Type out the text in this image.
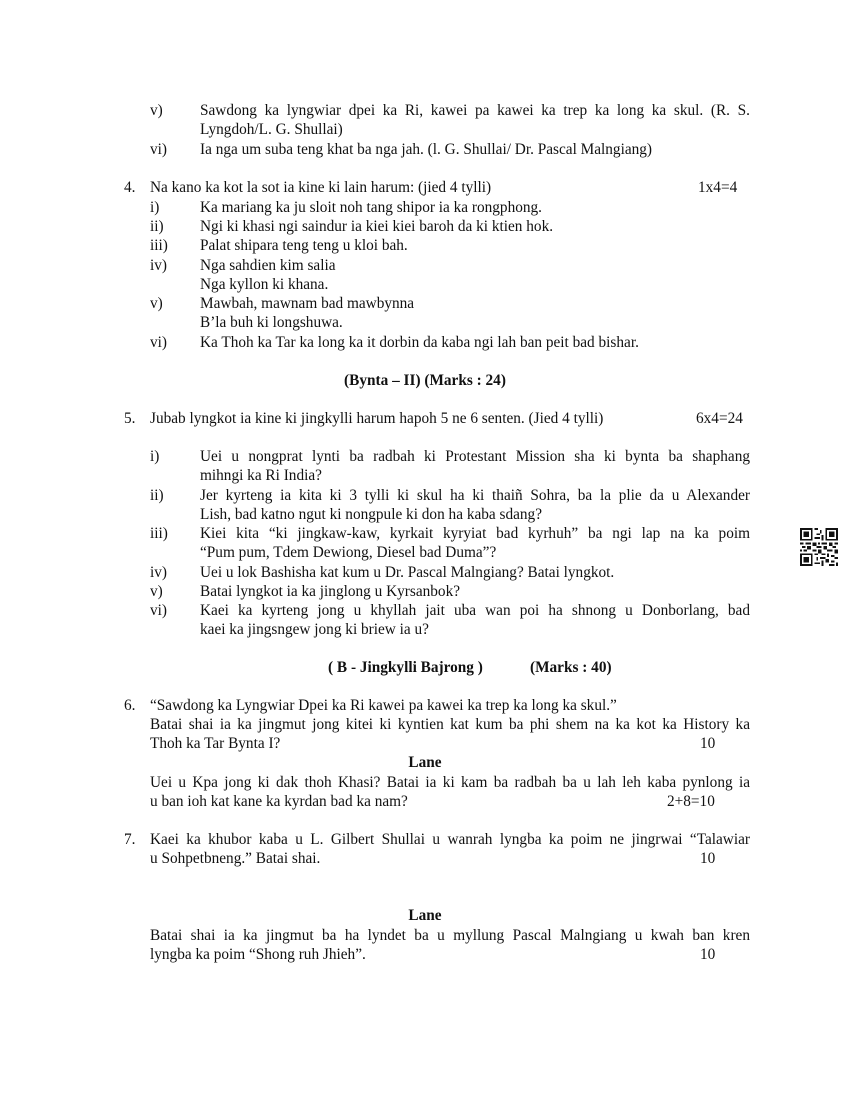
v) Sawdong ka lyngwiar dpei ka Ri, kawei pa kawei ka trep ka long ka skul. (R. S.
Lyngdoh/L. G. Shullai)
vi) Ia nga um suba teng khat ba nga jah. (l. G. Shullai/ Dr. Pascal Malngiang)
4. Na kano ka kot la sot ia kine ki lain harum: (jied 4 tylli)	1x4=4
i)	Ka mariang ka ju sloit noh tang shipor ia ka rongphong.
ii) Ngi ki khasi ngi saindur ia kiei kiei baroh da ki ktien hok.
iii) Palat shipara teng teng u kloi bah.
iv) Nga sahdien kim salia
Nga kyllon ki khana.
v) Mawbah, mawnam bad mawbynna
B’la buh ki longshuwa.
vi) Ka Thoh ka Tar ka long ka it dorbin da kaba ngi lah ban peit bad bishar.
(Bynta – II) (Marks : 24)
5. Jubab lyngkot ia kine ki jingkylli harum hapoh 5 ne 6 senten. (Jied 4 tylli)	6x4=24
i)	Uei u nongprat lynti ba radbah ki Protestant Mission sha ki bynta ba shaphang
mihngi ka Ri India?
ii) Jer kyrteng ia kita ki 3 tylli ki skul ha ki thaiñ Sohra, ba la plie da u Alexander
Lish, bad katno ngut ki nongpule ki don ha kaba sdang?
iii) Kiei kita “ki jingkaw-kaw, kyrkait kyryiat bad kyrhuh” ba ngi lap na ka poim
“Pum pum, Tdem Dewiong, Diesel bad Duma”?
iv) Uei u lok Bashisha kat kum u Dr. Pascal Malngiang? Batai lyngkot.
v) Batai lyngkot ia ka jinglong u Kyrsanbok?
vi) Kaei ka kyrteng jong u khyllah jait uba wan poi ha shnong u Donborlang, bad
kaei ka jingsngew jong ki briew ia u?
( B - Jingkylli Bajrong )	(Marks : 40)
6. “Sawdong ka Lyngwiar Dpei ka Ri kawei pa kawei ka trep ka long ka skul.”
Batai shai ia ka jingmut jong kitei ki kyntien kat kum ba phi shem na ka kot ka History ka
Thoh ka Tar Bynta I?	10
Lane
Uei u Kpa jong ki dak thoh Khasi? Batai ia ki kam ba radbah ba u lah leh kaba pynlong ia
u ban ioh kat kane ka kyrdan bad ka nam?	2+8=10
7. Kaei ka khubor kaba u L. Gilbert Shullai u wanrah lyngba ka poim ne jingrwai “Talawiar
u Sohpetbneng.” Batai shai.	10
Lane
Batai shai ia ka jingmut ba ha lyndet ba u myllung Pascal Malngiang u kwah ban kren
lyngba ka poim “Shong ruh Jhieh”.	10
